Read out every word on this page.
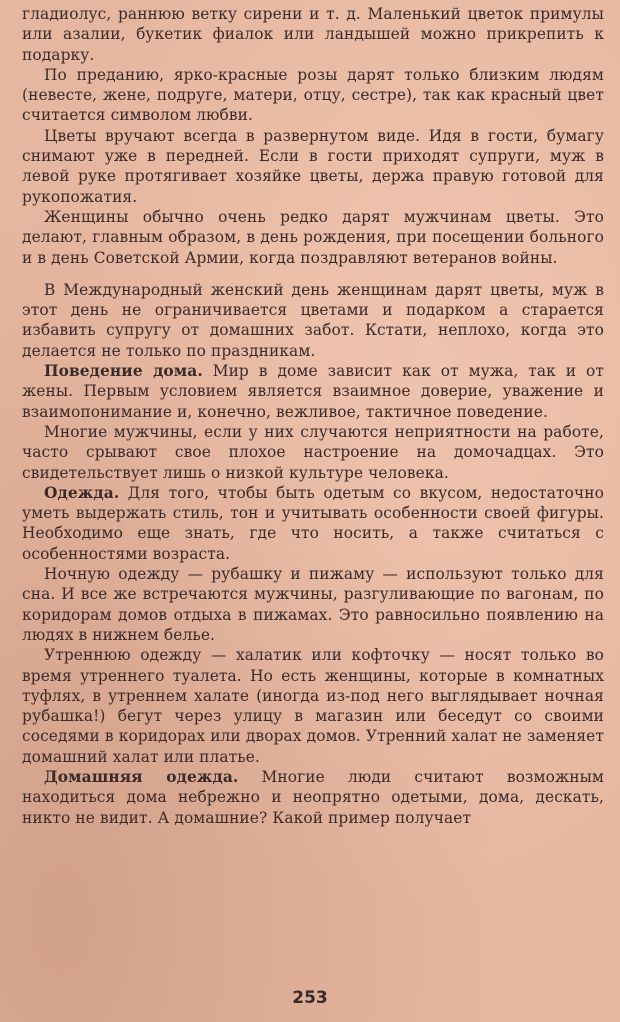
гладиолус, раннюю ветку сирени и т. д. Маленький цветок примулы или азалии, букетик фиалок или ландышей можно прикрепить к подарку.

По преданию, ярко-красные розы дарят только близким людям (невесте, жене, подруге, матери, отцу, сестре), так как красный цвет считается символом любви.

Цветы вручают всегда в развернутом виде. Идя в гости, бумагу снимают уже в передней. Если в гости приходят супруги, муж в левой руке протягивает хозяйке цветы, держа правую готовой для рукопожатия.

Женщины обычно очень редко дарят мужчинам цветы. Это делают, главным образом, в день рождения, при посещении больного и в день Советской Армии, когда поздравляют ветеранов войны.

В Международный женский день женщинам дарят цветы, муж в этот день не ограничивается цветами и подарком а старается избавить супругу от домашних забот. Кстати, неплохо, когда это делается не только по праздникам.

Поведение дома. Мир в доме зависит как от мужа, так и от жены. Первым условием является взаимное доверие, уважение и взаимопонимание и, конечно, вежливое, тактичное поведение.

Многие мужчины, если у них случаются неприятности на работе, часто срывают свое плохое настроение на домочадцах. Это свидетельствует лишь о низкой культуре человека.

Одежда. Для того, чтобы быть одетым со вкусом, недостаточно уметь выдержать стиль, тон и учитывать особенности своей фигуры. Необходимо еще знать, где что носить, а также считаться с особенностями возраста.

Ночную одежду — рубашку и пижаму — используют только для сна. И все же встречаются мужчины, разгуливающие по вагонам, по коридорам домов отдыха в пижамах. Это равносильно появлению на людях в нижнем белье.

Утреннюю одежду — халатик или кофточку — носят только во время утреннего туалета. Но есть женщины, которые в комнатных туфлях, в утреннем халате (иногда из-под него выглядывает ночная рубашка!) бегут через улицу в магазин или беседут со своими соседями в коридорах или дворах домов. Утренний халат не заменяет домашний халат или платье.

Домашняя одежда. Многие люди считают возможным находиться дома небрежно и неопрятно одетыми, дома, дескать, никто не видит. А домашние? Какой пример получает

253
